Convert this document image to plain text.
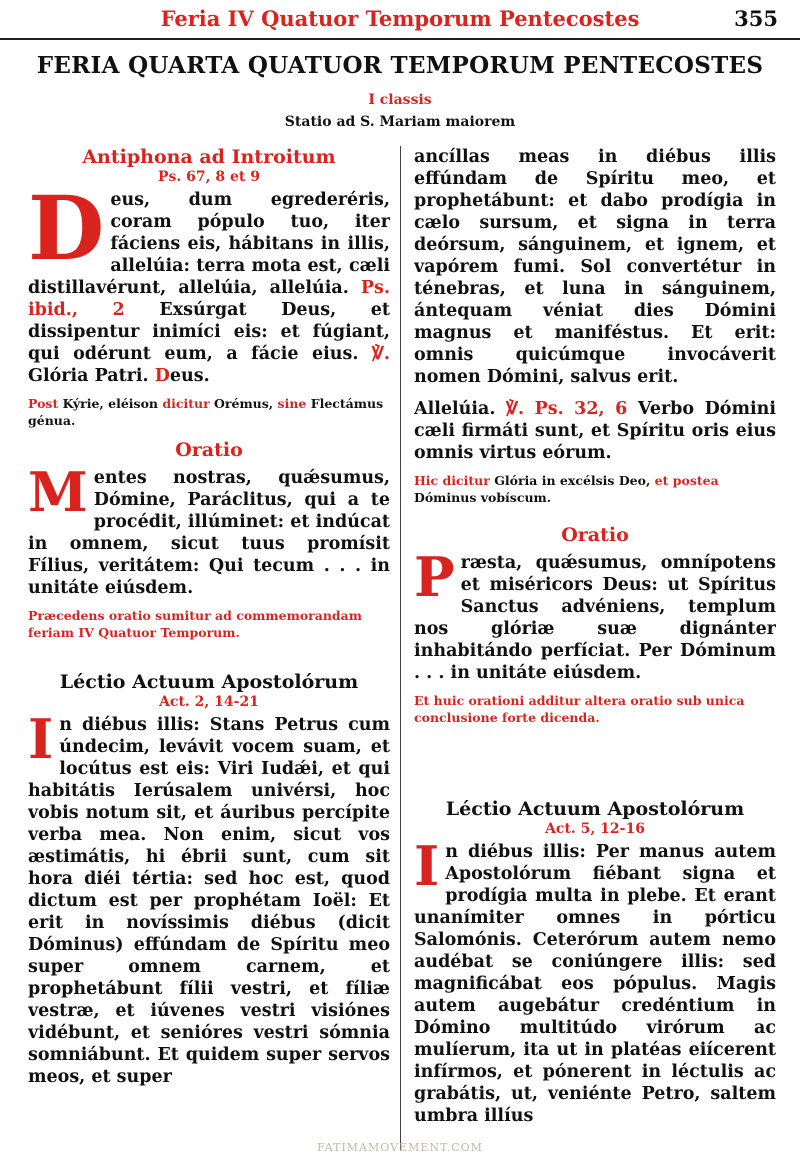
Feria IV Quatuor Temporum Pentecostes	355
FERIA QUARTA QUATUOR TEMPORUM PENTECOSTES
I classis
Statio ad S. Mariam maiorem

Antiphona ad Introitum

Ps. 67, 8 et 9

Deus, dum egrederéris, coram pópulo tuo, iter fáciens eis, hábitans in illis, allelúia: terra mota est, cæli distillavérunt, allelúia, allelúia. Ps. ibid., 2 Exsúrgat Deus, et dissipentur inimíci eis: et fúgiant, qui odérunt eum, a fácie eius. ℣. Glória Patri. Deus.

Post Kýrie, eléison dicitur Orémus, sine Flectámus génua.

Oratio

Mentes nostras, quǽsumus, Dómine, Paráclitus, qui a te procédit, illúminet: et indúcat in omnem, sicut tuus promísit Fílius, veritátem: Qui tecum . . . in unitáte eiúsdem.

Præcedens oratio sumitur ad commemorandam feriam IV Quatuor Temporum.

Léctio Actuum Apostolórum

Act. 2, 14-21

In diébus illis: Stans Petrus cum úndecim, levávit vocem suam, et locútus est eis: Viri Iudǽi, et qui habitátis Ierúsalem univérsi, hoc vobis notum sit, et áuribus percípite verba mea. Non enim, sicut vos æstimátis, hi ébrii sunt, cum sit hora diéi tértia: sed hoc est, quod dictum est per prophétam Ioël: Et erit in novíssimis diébus (dicit Dóminus) effúndam de Spíritu meo super omnem carnem, et prophetábunt fílii vestri, et fíliæ vestræ, et iúvenes vestri visiónes vidébunt, et senióres vestri sómnia somniábunt. Et quidem super servos meos, et super

ancíllas meas in diébus illis effúndam de Spíritu meo, et prophetábunt: et dabo prodígia in cælo sursum, et signa in terra deórsum, sánguinem, et ignem, et vapórem fumi. Sol convertétur in ténebras, et luna in sánguinem, ántequam véniat dies Dómini magnus et maniféstus. Et erit: omnis quicúmque invocáverit nomen Dómini, salvus erit.

Allelúia. ℣. Ps. 32, 6 Verbo Dómini cæli firmáti sunt, et Spíritu oris eius omnis virtus eórum.

Hic dicitur Glória in excélsis Deo, et postea Dóminus vobíscum.

Oratio

Præsta, quǽsumus, omnípotens et miséricors Deus: ut Spíritus Sanctus advéniens, templum nos glóriæ suæ dignánter inhabitándo perfíciat. Per Dóminum . . . in unitáte eiúsdem.

Et huic orationi additur altera oratio sub unica conclusione forte dicenda.

Léctio Actuum Apostolórum

Act. 5, 12-16

In diébus illis: Per manus autem Apostolórum fiébant signa et prodígia multa in plebe. Et erant unanímiter omnes in pórticu Salomónis. Ceterórum autem nemo audébat se coniúngere illis: sed magnificábat eos pópulus. Magis autem augebátur credéntium in Dómino multitúdo virórum ac mulíerum, ita ut in platéas eiícerent infírmos, et pónerent in léctulis ac grabátis, ut, veniénte Petro, saltem umbra illíus

FATIMAMOVEMENT.COM
